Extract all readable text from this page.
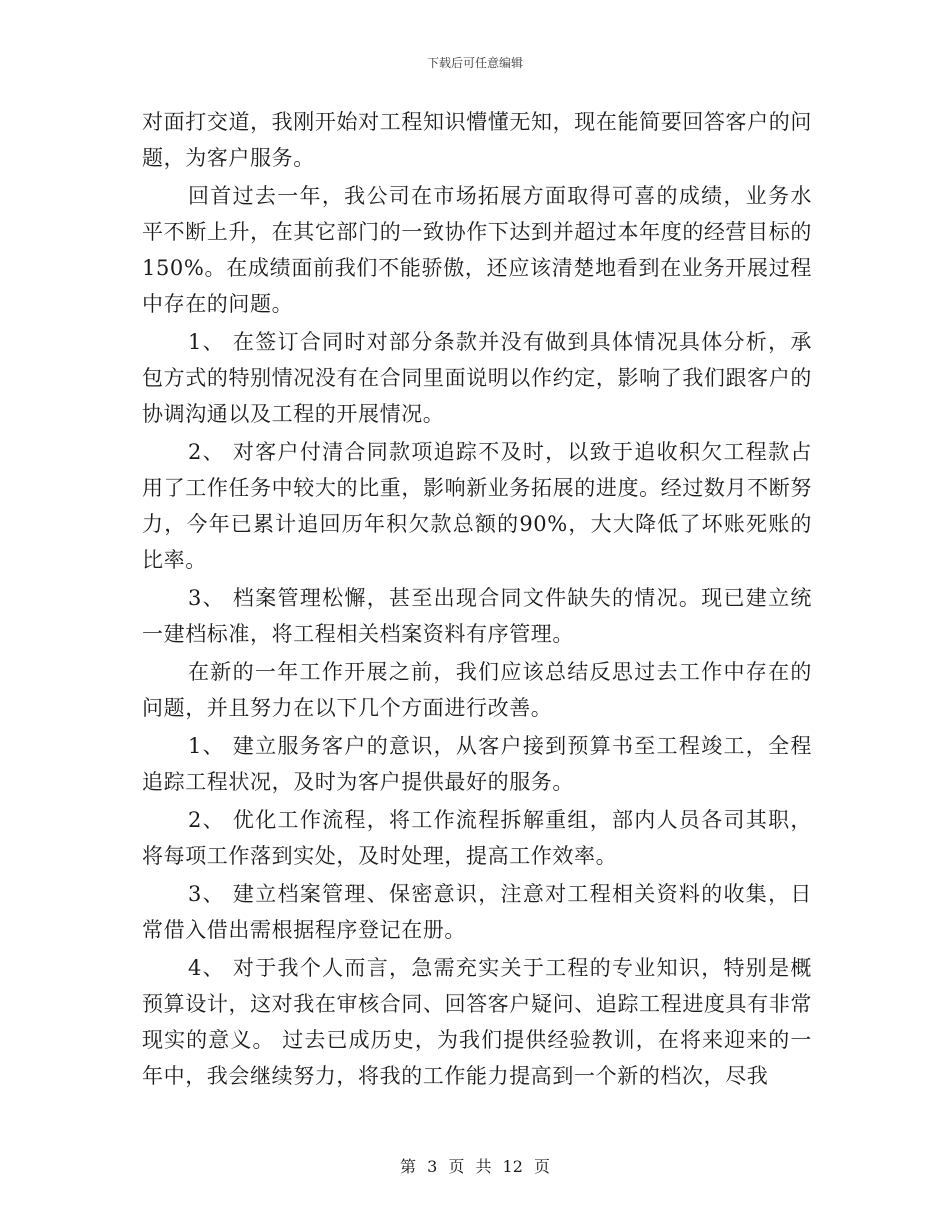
下载后可任意编辑

对面打交道，我刚开始对工程知识懵懂无知，现在能简要回答客户的问题，为客户服务。

回首过去一年，我公司在市场拓展方面取得可喜的成绩，业务水平不断上升，在其它部门的一致协作下达到并超过本年度的经营目标的150%。在成绩面前我们不能骄傲，还应该清楚地看到在业务开展过程中存在的问题。

1、 在签订合同时对部分条款并没有做到具体情况具体分析，承包方式的特别情况没有在合同里面说明以作约定，影响了我们跟客户的协调沟通以及工程的开展情况。

2、 对客户付清合同款项追踪不及时，以致于追收积欠工程款占用了工作任务中较大的比重，影响新业务拓展的进度。经过数月不断努力，今年已累计追回历年积欠款总额的90%，大大降低了坏账死账的比率。

3、 档案管理松懈，甚至出现合同文件缺失的情况。现已建立统一建档标准，将工程相关档案资料有序管理。

在新的一年工作开展之前，我们应该总结反思过去工作中存在的问题，并且努力在以下几个方面进行改善。

1、 建立服务客户的意识，从客户接到预算书至工程竣工，全程追踪工程状况，及时为客户提供最好的服务。

2、 优化工作流程，将工作流程拆解重组，部内人员各司其职，将每项工作落到实处，及时处理，提高工作效率。

3、 建立档案管理、保密意识，注意对工程相关资料的收集，日常借入借出需根据程序登记在册。

4、 对于我个人而言，急需充实关于工程的专业知识，特别是概预算设计，这对我在审核合同、回答客户疑问、追踪工程进度具有非常现实的意义。 过去已成历史，为我们提供经验教训，在将来迎来的一年中，我会继续努力，将我的工作能力提高到一个新的档次，尽我

第 3 页 共 12 页
